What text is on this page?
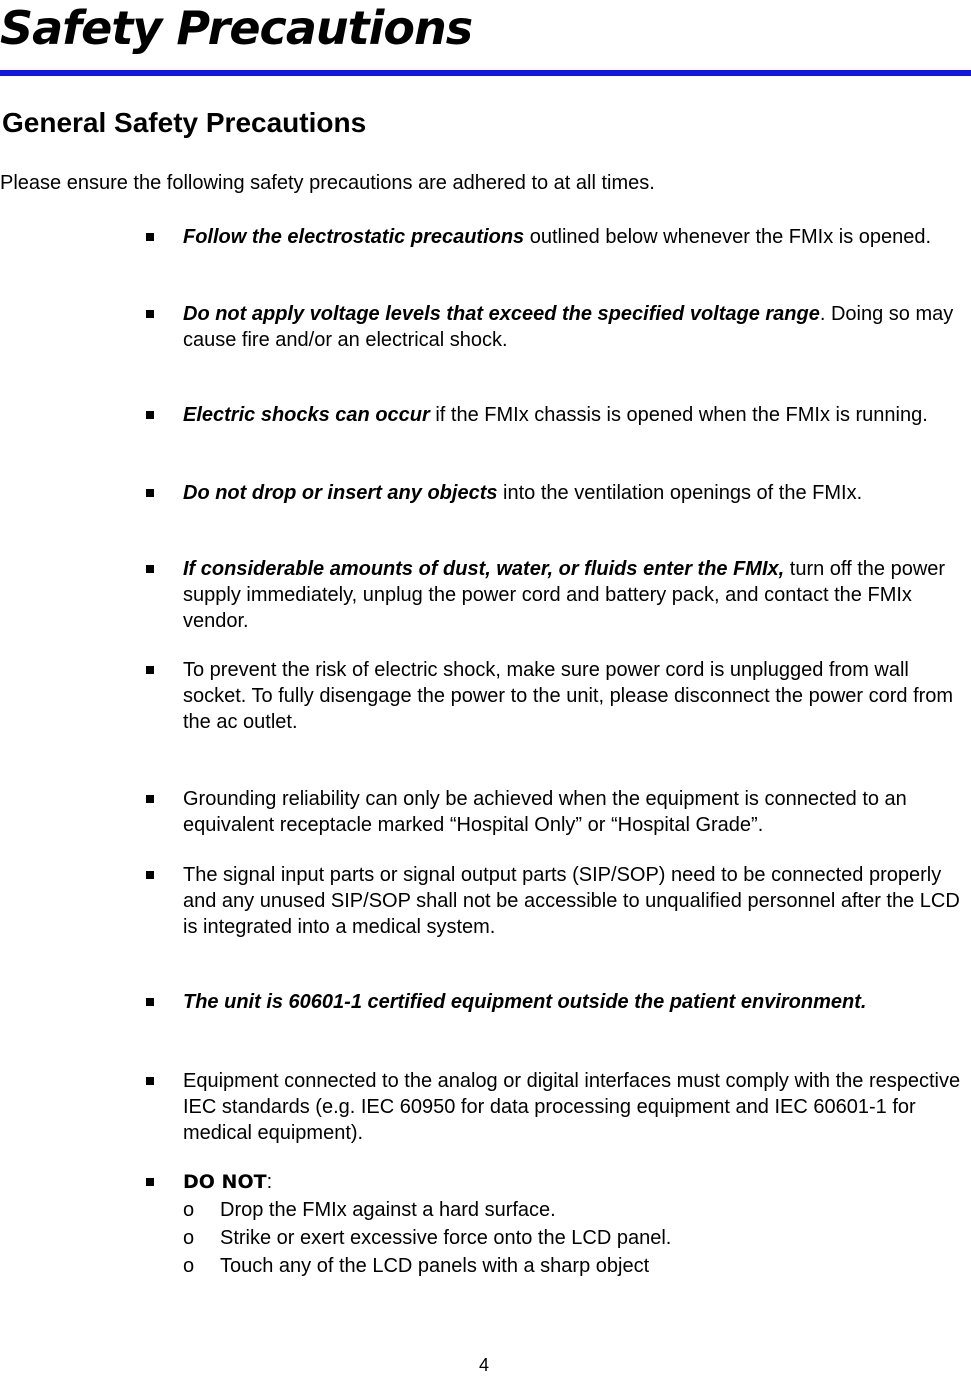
Safety Precautions
General Safety Precautions

Please ensure the following safety precautions are adhered to at all times.

Follow the electrostatic precautions outlined below whenever the FMIx is opened.
Do not apply voltage levels that exceed the specified voltage range. Doing so may cause fire and/or an electrical shock.
Electric shocks can occur if the FMIx chassis is opened when the FMIx is running.
Do not drop or insert any objects into the ventilation openings of the FMIx.
If considerable amounts of dust, water, or fluids enter the FMIx, turn off the power supply immediately, unplug the power cord and battery pack, and contact the FMIx vendor.
To prevent the risk of electric shock, make sure power cord is unplugged from wall socket. To fully disengage the power to the unit, please disconnect the power cord from the ac outlet.
Grounding reliability can only be achieved when the equipment is connected to an equivalent receptacle marked “Hospital Only” or “Hospital Grade”.
The signal input parts or signal output parts (SIP/SOP) need to be connected properly and any unused SIP/SOP shall not be accessible to unqualified personnel after the LCD is integrated into a medical system.
The unit is 60601-1 certified equipment outside the patient environment.
Equipment connected to the analog or digital interfaces must comply with the respective IEC standards (e.g. IEC 60950 for data processing equipment and IEC 60601-1 for medical equipment).
DO NOT:
o Drop the FMIx against a hard surface.
o Strike or exert excessive force onto the LCD panel.
o Touch any of the LCD panels with a sharp object
4
